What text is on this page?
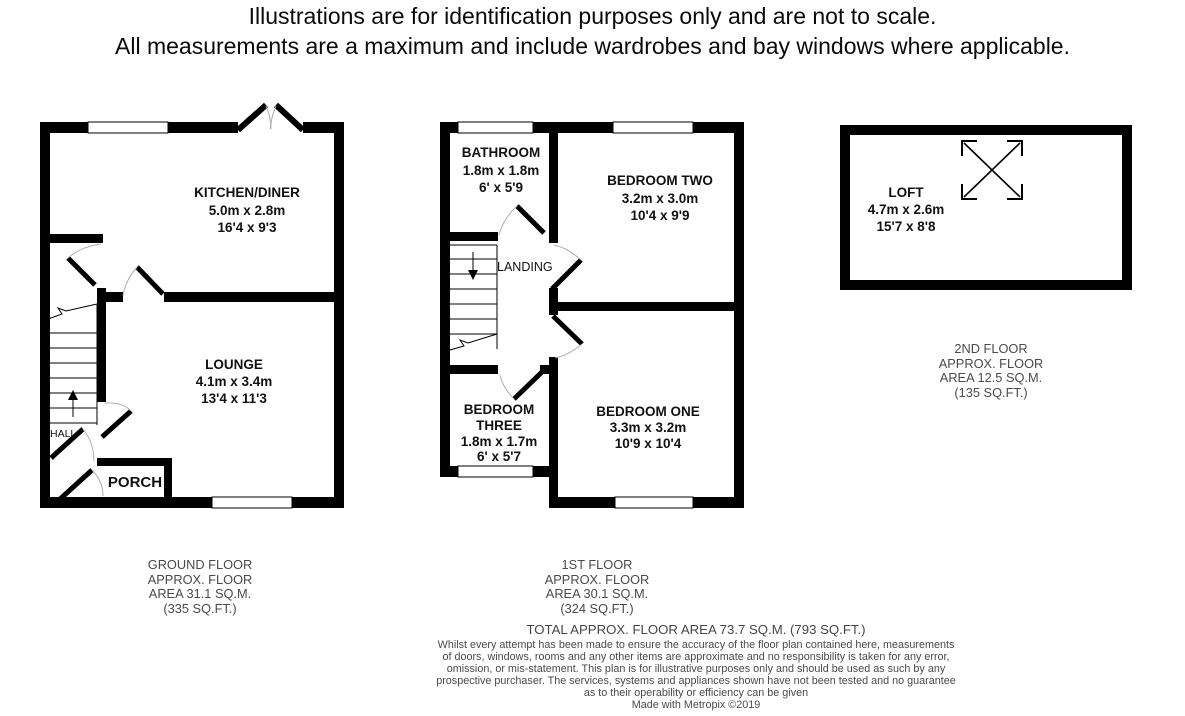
Illustrations are for identification purposes only and are not to scale.
All measurements are a maximum and include wardrobes and bay windows where applicable.
KITCHEN/DINER
5.0m x 2.8m
16'4 x 9'3
LOUNGE
4.1m x 3.4m
13'4 x 11'3
HALL
PORCH
BATHROOM
1.8m x 1.8m
6' x 5'9	BEDROOM TWO
3.2m x 3.0m
10'4 x 9'9
LANDING
BEDROOM
THREE
1.8m x 1.7m
6' x 5'7
BEDROOM ONE
3.3m x 3.2m
10'9 x 10'4
LOFT
4.7m x 2.6m
15'7 x 8'8
GROUND FLOOR
APPROX. FLOOR
AREA 31.1 SQ.M.
(335 SQ.FT.)
1ST FLOOR
APPROX. FLOOR
AREA 30.1 SQ.M.
(324 SQ.FT.)
2ND FLOOR
APPROX. FLOOR
AREA 12.5 SQ.M.
(135 SQ.FT.)
TOTAL APPROX. FLOOR AREA 73.7 SQ.M. (793 SQ.FT.)
Whilst every attempt has been made to ensure the accuracy of the floor plan contained here, measurements
of doors, windows, rooms and any other items are approximate and no responsibility is taken for any error,
omission, or mis-statement. This plan is for illustrative purposes only and should be used as such by any
prospective purchaser. The services, systems and appliances shown have not been tested and no guarantee
as to their operability or efficiency can be given
Made with Metropix ©2019
